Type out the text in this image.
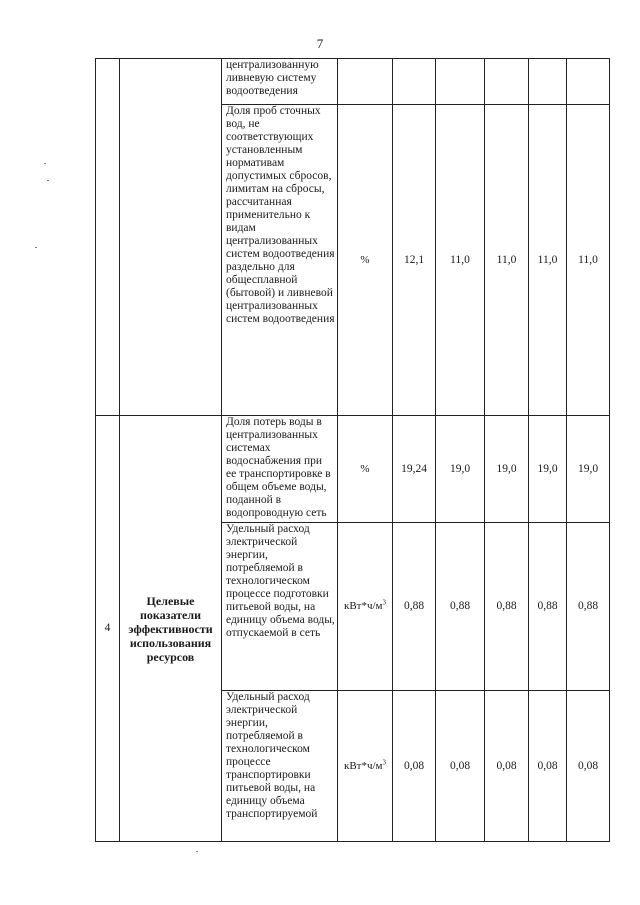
7

		централизованную ливневую систему водоотведения						

		Доля проб сточных вод, не соответствующих установленным нормативам допустимых сбросов, лимитам на сбросы, рассчитанная применительно к видам централизованных систем водоотведения раздельно для общесплавной (бытовой) и ливневой централизованных систем водоотведения	%	12,1	11,0	11,0	11,0	11,0
4	Целевые показатели эффективности использования ресурсов	Доля потерь воды в централизованных системах водоснабжения при ее транспортировке в общем объеме воды, поданной в водопроводную сеть	%	19,24	19,0	19,0	19,0	19,0

		Удельный расход электрической энергии, потребляемой в технологическом процессе подготовки питьевой воды, на единицу объема воды, отпускаемой в сеть	$кВт*ч/м^3$	0,88	0,88	0,88	0,88	0,88

		Удельный расход электрической энергии, потребляемой в технологическом процессе транспортировки питьевой воды, на единицу объема транспортируемой	$кВт*ч/м^3$	0,08	0,08	0,08	0,08	0,08
